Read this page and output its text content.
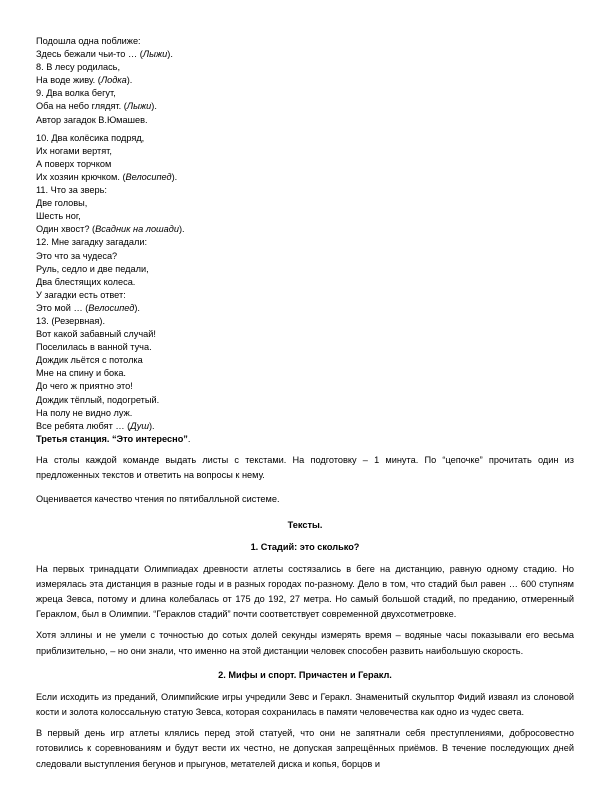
Подошла одна поближе:
Здесь бежали чьи-то … (Лыжи).
8. В лесу родилась,
На воде живу. (Лодка).
9. Два волка бегут,
Оба на небо глядят. (Лыжи).
Автор загадок В.Юмашев.
10. Два колёсика подряд,
Их ногами вертят,
А поверх торчком
Их хозяин крючком. (Велосипед).
11. Что за зверь:
Две головы,
Шесть ног,
Один хвост? (Всадник на лошади).
12. Мне загадку загадали:
Это что за чудеса?
Руль, седло и две педали,
Два блестящих колеса.
У загадки есть ответ:
Это мой … (Велосипед).
13. (Резервная).
Вот какой забавный случай!
Поселилась в ванной туча.
Дождик льётся с потолка
Мне на спину и бока.
До чего ж приятно это!
Дождик тёплый, подогретый.
На полу не видно луж.
Все ребята любят … (Душ).
Третья станция. “Это интересно”.
На столы каждой команде выдать листы с текстами. На подготовку – 1 минута. По “цепочке” прочитать один из предложенных текстов и ответить на вопросы к нему.
Оценивается качество чтения по пятибалльной системе.
Тексты.
1. Стадий: это сколько?
На первых тринадцати Олимпиадах древности атлеты состязались в беге на дистанцию, равную одному стадию. Но измерялась эта дистанция в разные годы и в разных городах по-разному. Дело в том, что стадий был равен … 600 ступням жреца Зевса, потому и длина колебалась от 175 до 192, 27 метра. Но самый большой стадий, по преданию, отмеренный Гераклом, был в Олимпии. “Гераклов стадий” почти соответствует современной двухсотметровке.
Хотя эллины и не умели с точностью до сотых долей секунды измерять время – водяные часы показывали его весьма приблизительно, – но они знали, что именно на этой дистанции человек способен развить наибольшую скорость.
2. Мифы и спорт. Причастен и Геракл.
Если исходить из преданий, Олимпийские игры учредили Зевс и Геракл. Знаменитый скульптор Фидий изваял из слоновой кости и золота колоссальную статую Зевса, которая сохранилась в памяти человечества как одно из чудес света.
В первый день игр атлеты клялись перед этой статуей, что они не запятнали себя преступлениями, добросовестно готовились к соревнованиям и будут вести их честно, не допуская запрещённых приёмов. В течение последующих дней следовали выступления бегунов и прыгунов, метателей диска и копья, борцов и
